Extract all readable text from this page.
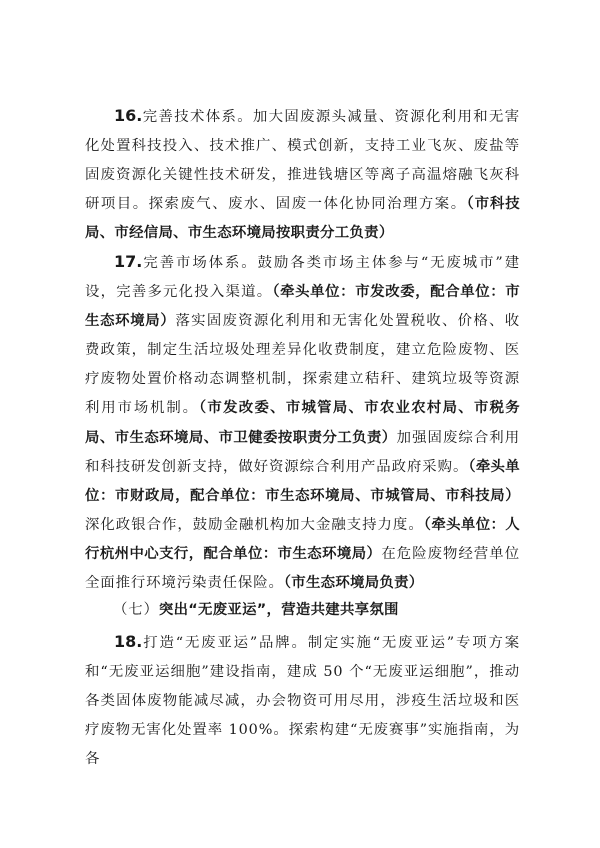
16.完善技术体系。加大固废源头减量、资源化利用和无害化处置科技投入、技术推广、模式创新，支持工业飞灰、废盐等固废资源化关键性技术研发，推进钱塘区等离子高温熔融飞灰科研项目。探索废气、废水、固废一体化协同治理方案。（市科技局、市经信局、市生态环境局按职责分工负责）

17.完善市场体系。鼓励各类市场主体参与“无废城市”建设，完善多元化投入渠道。（牵头单位：市发改委，配合单位：市生态环境局）落实固废资源化利用和无害化处置税收、价格、收费政策，制定生活垃圾处理差异化收费制度，建立危险废物、医疗废物处置价格动态调整机制，探索建立秸秆、建筑垃圾等资源利用市场机制。（市发改委、市城管局、市农业农村局、市税务局、市生态环境局、市卫健委按职责分工负责）加强固废综合利用和科技研发创新支持，做好资源综合利用产品政府采购。（牵头单位：市财政局，配合单位：市生态环境局、市城管局、市科技局）深化政银合作，鼓励金融机构加大金融支持力度。（牵头单位：人行杭州中心支行，配合单位：市生态环境局）在危险废物经营单位全面推行环境污染责任保险。（市生态环境局负责）

（七）突出“无废亚运”，营造共建共享氛围

18.打造“无废亚运”品牌。制定实施“无废亚运”专项方案和“无废亚运细胞”建设指南，建成 50 个“无废亚运细胞”，推动各类固体废物能减尽减，办会物资可用尽用，涉疫生活垃圾和医疗废物无害化处置率 100%。探索构建“无废赛事”实施指南，为各
